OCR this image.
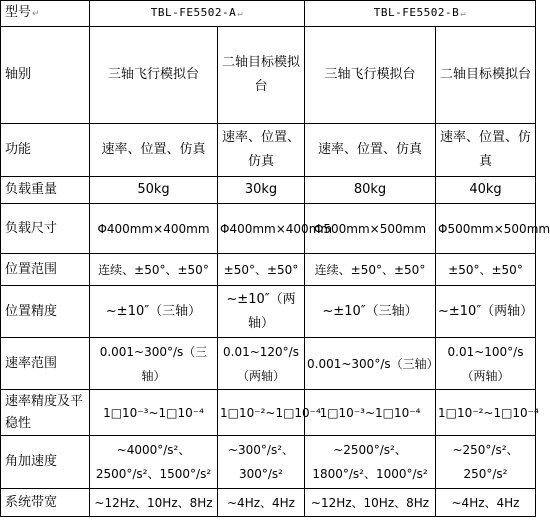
型号↵	TBL-FE5502-A↵		TBL-FE5502-B↵	
轴别	三轴飞行模拟台	二轴目标模拟台	三轴飞行模拟台	二轴目标模拟台
功能	速率、位置、仿真	速率、位置、仿真	速率、位置、仿真	速率、位置、仿真
负载重量	50kg	30kg	80kg	40kg
负载尺寸	Φ400mm×400mm	Φ400mm×400mm	Φ500mm×500mm	Φ500mm×500mm
位置范围	连续、±50°、±50°	±50°、±50°	连续、±50°、±50°	±50°、±50°
位置精度	~±10″（三轴）	~±10″（两轴）	~±10″（三轴）	~±10″（两轴）
速率范围	0.001~300°/s（三轴）	0.01~120°/s（两轴）	0.001~300°/s（三轴）	0.01~100°/s（两轴）
速率精度及平稳性	1□10⁻³~1□10⁻⁴	1□10⁻²~1□10⁻⁴	1□10⁻³~1□10⁻⁴	1□10⁻²~1□10⁻⁴
角加速度	~4000°/s²、2500°/s²、1500°/s²	~300°/s²、300°/s²	~2500°/s²、1800°/s²、1000°/s²	~250°/s²、250°/s²
系统带宽	~12Hz、10Hz、8Hz	~4Hz、4Hz	~12Hz、10Hz、8Hz	~4Hz、4Hz
